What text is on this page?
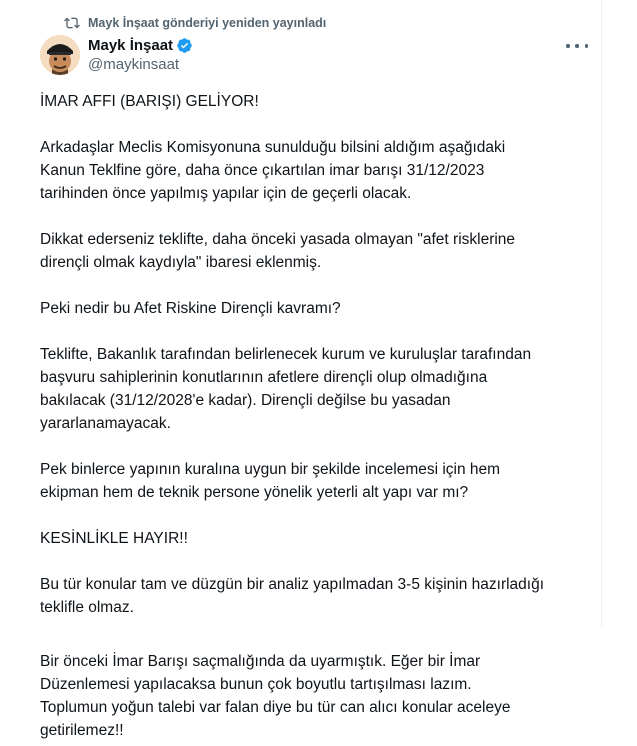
Mayk İnşaat gönderiyi yeniden yayınladı
Mayk İnşaat
@maykinsaat

İMAR AFFI (BARIŞI) GELİYOR!

Arkadaşlar Meclis Komisyonuna sunulduğu bilsini aldığım aşağıdaki
Kanun Teklfine göre, daha önce çıkartılan imar barışı 31/12/2023
tarihinden önce yapılmış yapılar için de geçerli olacak.

Dikkat ederseniz teklifte, daha önceki yasada olmayan "afet risklerine
dirençli olmak kaydıyla" ibaresi eklenmiş.

Peki nedir bu Afet Riskine Dirençli kavramı?

Teklifte, Bakanlık tarafından belirlenecek kurum ve kuruluşlar tarafından
başvuru sahiplerinin konutlarının afetlere dirençli olup olmadığına
bakılacak (31/12/2028'e kadar). Dirençli değilse bu yasadan
yararlanamayacak.

Pek binlerce yapının kuralına uygun bir şekilde incelemesi için hem
ekipman hem de teknik persone yönelik yeterli alt yapı var mı?

KESİNLİKLE HAYIR!!

Bu tür konular tam ve düzgün bir analiz yapılmadan 3-5 kişinin hazırladığı
teklifle olmaz.

Bir önceki İmar Barışı saçmalığında da uyarmıştık. Eğer bir İmar
Düzenlemesi yapılacaksa bunun çok boyutlu tartışılması lazım.
Toplumun yoğun talebi var falan diye bu tür can alıcı konular aceleye
getirilemez!!
